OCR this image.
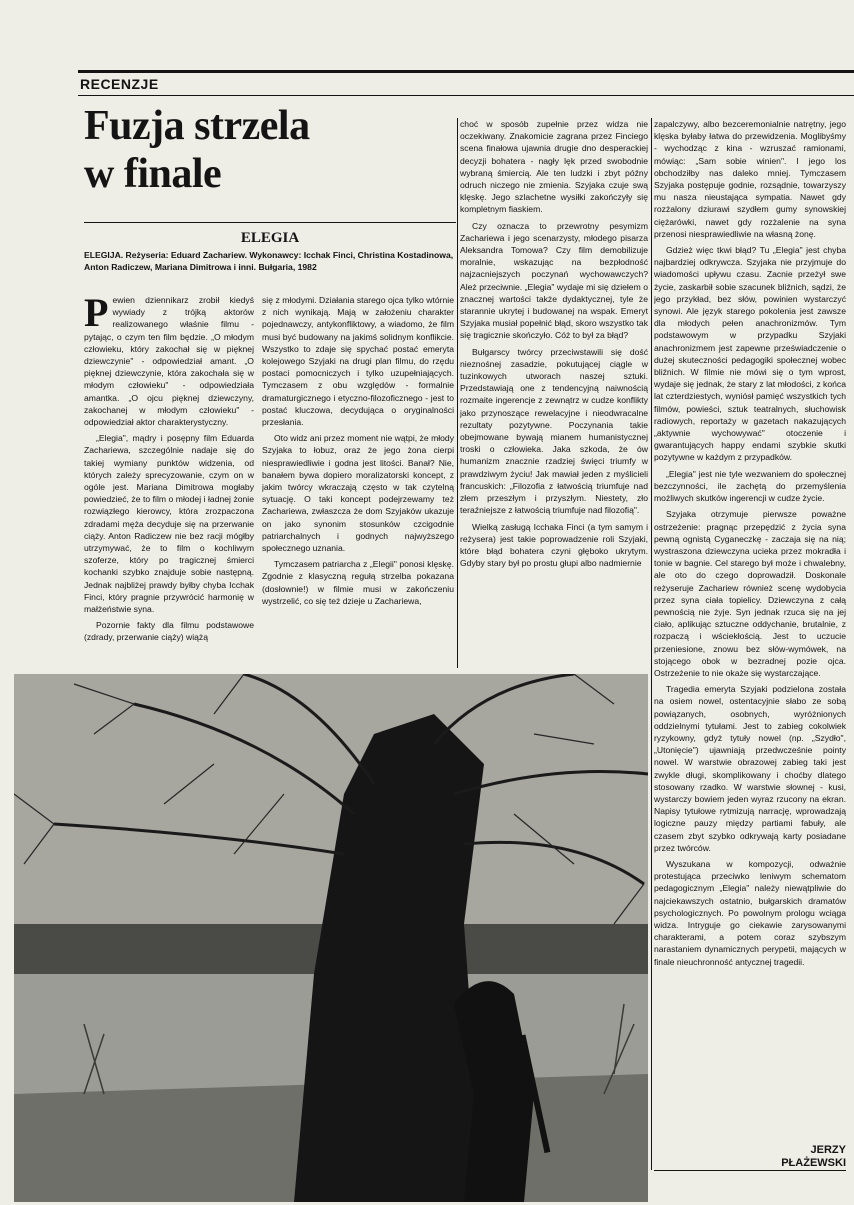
RECENZJE
Fuzja strzela
w finale
ELEGIA
ELEGIJA. Reżyseria: Eduard Zachariew. Wykonawcy: Icchak Finci, Christina Kostadinowa, Anton Radiczew, Mariana Dimitrowa i inni. Bułgaria, 1982

Pewien dziennikarz zrobił kiedyś wywiady z trójką aktorów realizowanego właśnie filmu - pytając, o czym ten film będzie. „O młodym człowieku, który zakochał się w pięknej dziewczynie" - odpowiedział amant. „O pięknej dziewczynie, która zakochała się w młodym człowieku" - odpowiedziała amantka. „O ojcu pięknej dziewczyny, zakochanej w młodym człowieku" - odpowiedział aktor charakterystyczny.

„Elegia", mądry i posępny film Eduarda Zachariewa, szczególnie nadaje się do takiej wymiany punktów widzenia, od których zależy sprecyzowanie, czym on w ogóle jest. Mariana Dimitrowa mogłaby powiedzieć, że to film o młodej i ładnej żonie rozwiązłego kierowcy, która zrozpaczona zdradami męża decyduje się na przerwanie ciąży. Anton Radiczew nie bez racji mógłby utrzymywać, że to film o kochliwym szoferze, który po tragicznej śmierci kochanki szybko znajduje sobie następną. Jednak najbliżej prawdy byłby chyba Icchak Finci, który pragnie przywrócić harmonię w małżeństwie syna.

Pozornie fakty dla filmu podstawowe (zdrady, przerwanie ciąży) wiążą

się z młodymi. Działania starego ojca tylko wtórnie z nich wynikają. Mają w założeniu charakter pojednawczy, antykonfliktowy, a wiadomo, że film musi być budowany na jakimś solidnym konflikcie. Wszystko to zdaje się spychać postać emeryta kolejowego Szyjaki na drugi plan filmu, do rzędu postaci pomocniczych i tylko uzupełniających. Tymczasem z obu względów - formalnie dramaturgicznego i etyczno-filozoficznego - jest to postać kluczowa, decydująca o oryginalności przesłania.

Oto widz ani przez moment nie wątpi, że młody Szyjaka to łobuz, oraz że jego żona cierpi niesprawiedliwie i godna jest litości. Banał? Nie, banałem bywa dopiero moralizatorski koncept, z jakim twórcy wkraczają często w tak czytelną sytuację. O taki koncept podejrzewamy też Zachariewa, zwłaszcza że dom Szyjaków ukazuje on jako synonim stosunków czcigodnie patriarchalnych i godnych najwyższego społecznego uznania.

Tymczasem patriarcha z „Elegii" ponosi klęskę. Zgodnie z klasyczną regułą strzelba pokazana (dosłownie!) w filmie musi w zakończeniu wystrzelić, co się też dzieje u Zachariewa,

choć w sposób zupełnie przez widza nie oczekiwany. Znakomicie zagrana przez Finciego scena finałowa ujawnia drugie dno desperackiej decyzji bohatera - nagły lęk przed swobodnie wybraną śmiercią. Ale ten ludzki i zbyt późny odruch niczego nie zmienia. Szyjaka czuje swą klęskę. Jego szlachetne wysiłki zakończyły się kompletnym fiaskiem.

Czy oznacza to przewrotny pesymizm Zachariewa i jego scenarzysty, młodego pisarza Aleksandra Tomowa? Czy film demobilizuje moralnie, wskazując na bezpłodność najzacniejszych poczynań wychowawczych? Ależ przeciwnie. „Elegia" wydaje mi się dziełem o znacznej wartości także dydaktycznej, tyle że starannie ukrytej i budowanej na wspak. Emeryt Szyjaka musiał popełnić błąd, skoro wszystko tak się tragicznie skończyło. Cóż to był za błąd?

Bułgarscy twórcy przeciwstawili się dość nieznośnej zasadzie, pokutującej ciągle w tuzinkowych utworach naszej sztuki. Przedstawiają one z tendencyjną naiwnością rozmaite ingerencje z zewnątrz w cudze konflikty jako przynoszące rewelacyjne i nieodwracalne rezultaty pozytywne. Poczynania takie obejmowane bywają mianem humanistycznej troski o człowieka. Jaka szkoda, że ów humanizm znacznie rzadziej święci triumfy w prawdziwym życiu! Jak mawiał jeden z myślicieli francuskich: „Filozofia z łatwością triumfuje nad złem przeszłym i przyszłym. Niestety, zło teraźniejsze z łatwością triumfuje nad filozofią".

Wielką zasługą Icchaka Finci (a tym samym i reżysera) jest takie poprowadzenie roli Szyjaki, które błąd bohatera czyni głęboko ukrytym. Gdyby stary był po prostu głupi albo nadmiernie

zapalczywy, albo bezceremonialnie natrętny, jego klęska byłaby łatwa do przewidzenia. Moglibyśmy - wychodząc z kina - wzruszać ramionami, mówiąc: „Sam sobie winien". I jego los obchodziłby nas daleko mniej. Tymczasem Szyjaka postępuje godnie, rozsądnie, towarzyszy mu nasza nieustająca sympatia. Nawet gdy rozżalony dziurawi szydłem gumy synowskiej ciężarówki, nawet gdy rozżalenie na syna przenosi niesprawiedliwie na własną żonę.

Gdzież więc tkwi błąd? Tu „Elegia" jest chyba najbardziej odkrywcza. Szyjaka nie przyjmuje do wiadomości upływu czasu. Zacnie przeżył swe życie, zaskarbił sobie szacunek bliźnich, sądzi, że jego przykład, bez słów, powinien wystarczyć synowi. Ale język starego pokolenia jest zawsze dla młodych pełen anachronizmów. Tym podstawowym w przypadku Szyjaki anachronizmem jest zapewne przeświadczenie o dużej skuteczności pedagogiki społecznej wobec bliźnich. W filmie nie mówi się o tym wprost, wydaje się jednak, że stary z lat młodości, z końca lat czterdziestych, wyniósł pamięć wszystkich tych filmów, powieści, sztuk teatralnych, słuchowisk radiowych, reportaży w gazetach nakazujących „aktywnie wychowywać" otoczenie i gwarantujących happy endami szybkie skutki pozytywne w każdym z przypadków.

„Elegia" jest nie tyle wezwaniem do społecznej bezczynności, ile zachętą do przemyślenia możliwych skutków ingerencji w cudze życie.

Szyjaka otrzymuje pierwsze poważne ostrzeżenie: pragnąc przepędzić z życia syna pewną ognistą Cyganeczkę - zaczaja się na nią; wystraszona dziewczyna ucieka przez mokradła i tonie w bagnie. Cel starego był może i chwalebny, ale oto do czego doprowadził. Doskonale reżyseruje Zachariew również scenę wydobycia przez syna ciała topielicy. Dziewczyna z całą pewnością nie żyje. Syn jednak rzuca się na jej ciało, aplikując sztuczne oddychanie, brutalnie, z rozpaczą i wściekłością. Jest to uczucie przeniesione, znowu bez słów-wymówek, na stojącego obok w bezradnej pozie ojca. Ostrzeżenie to nie okaże się wystarczające.

Tragedia emeryta Szyjaki podzielona została na osiem nowel, ostentacyjnie słabo ze sobą powiązanych, osobnych, wyróżnionych oddzielnymi tytułami. Jest to zabieg cokolwiek ryzykowny, gdyż tytuły nowel (np. „Szydło", „Utonięcie") ujawniają przedwcześnie pointy nowel. W warstwie obrazowej zabieg taki jest zwykle długi, skomplikowany i choćby dlatego stosowany rzadko. W warstwie słownej - kusi, wystarczy bowiem jeden wyraz rzucony na ekran. Napisy tytułowe rytmizują narrację, wprowadzają logiczne pauzy między partiami fabuły, ale czasem zbyt szybko odkrywają karty posiadane przez twórców.

Wyszukana w kompozycji, odważnie protestująca przeciwko leniwym schematom pedagogicznym „Elegia" należy niewątpliwie do najciekawszych ostatnio, bułgarskich dramatów psychologicznych. Po powolnym prologu wciąga widza. Intryguje go ciekawie zarysowanymi charakterami, a potem coraz szybszym narastaniem dynamicznych perypetii, mających w finale nieuchronność antycznej tragedii.

JERZY
PŁAŻEWSKI
